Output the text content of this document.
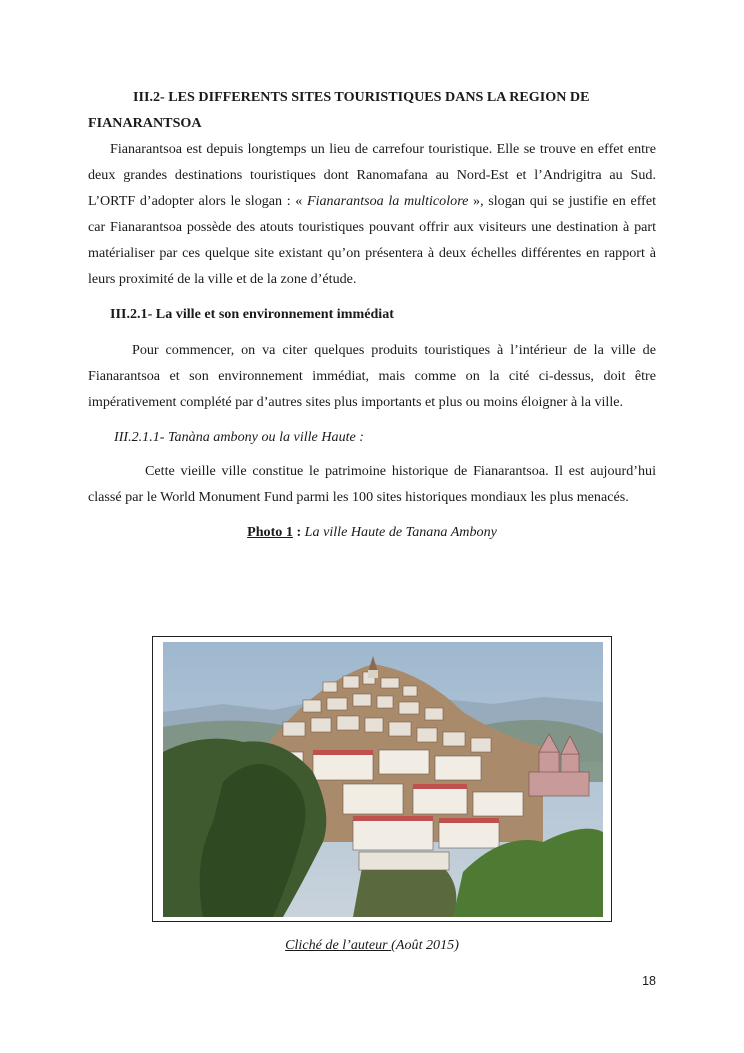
III.2- LES DIFFERENTS SITES TOURISTIQUES DANS LA REGION DE

FIANARANTSOA

Fianarantsoa est depuis longtemps un lieu de carrefour touristique. Elle se trouve en effet entre deux grandes destinations touristiques dont Ranomafana au Nord-Est et l’Andrigitra au Sud. L’ORTF d’adopter alors le slogan : « Fianarantsoa la multicolore », slogan qui se justifie en effet car Fianarantsoa possède des atouts touristiques pouvant offrir aux visiteurs une destination à part matérialiser par ces quelque site existant qu’on présentera à deux échelles différentes en rapport à leurs proximité de la ville et de la zone d’étude.

III.2.1- La ville et son environnement immédiat

Pour commencer, on va citer quelques produits touristiques à l’intérieur de la ville de Fianarantsoa et son environnement immédiat, mais comme on la cité ci-dessus, doit être impérativement complété par d’autres sites plus importants et plus ou moins éloigner à la ville.

III.2.1.1- Tanàna ambony ou la ville Haute :

Cette vieille ville constitue le patrimoine historique de Fianarantsoa. Il est aujourd’hui classé par le World Monument Fund parmi les 100 sites historiques mondiaux les plus menacés.

Photo 1 : La ville Haute de Tanana Ambony

Cliché de l’auteur (Août 2015)
18
